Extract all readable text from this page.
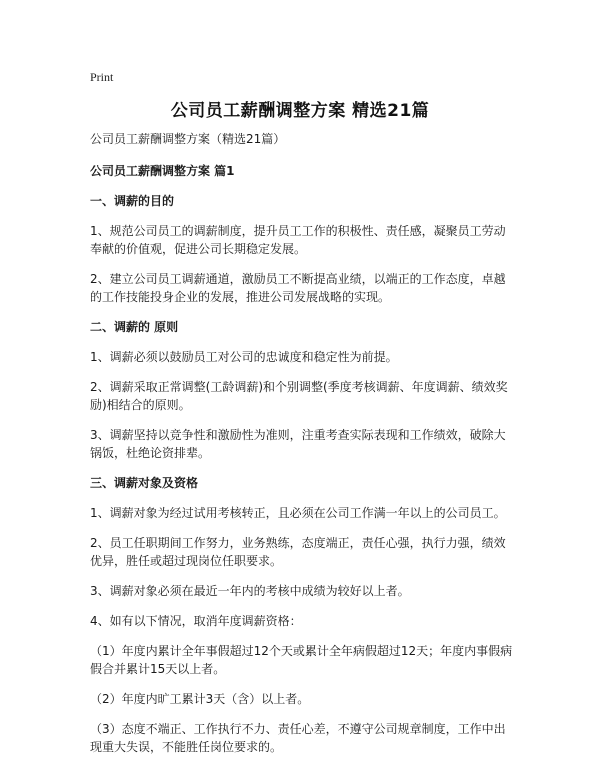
Print
公司员工薪酬调整方案 精选21篇

公司员工薪酬调整方案（精选21篇）

公司员工薪酬调整方案 篇1

一、调薪的目的

1、规范公司员工的调薪制度，提升员工工作的积极性、责任感，凝聚员工劳动奉献的价值观，促进公司长期稳定发展。

2、建立公司员工调薪通道，激励员工不断提高业绩，以端正的工作态度，卓越的工作技能投身企业的发展，推进公司发展战略的实现。

二、调薪的 原则

1、调薪必须以鼓励员工对公司的忠诚度和稳定性为前提。

2、调薪采取正常调整(工龄调薪)和个别调整(季度考核调薪、年度调薪、绩效奖励)相结合的原则。

3、调薪坚持以竞争性和激励性为准则，注重考查实际表现和工作绩效，破除大锅饭，杜绝论资排辈。

三、调薪对象及资格

1、调薪对象为经过试用考核转正，且必须在公司工作满一年以上的公司员工。

2、员工任职期间工作努力，业务熟练，态度端正，责任心强，执行力强，绩效优异，胜任或超过现岗位任职要求。

3、调薪对象必须在最近一年内的考核中成绩为较好以上者。

4、如有以下情况，取消年度调薪资格：

（1）年度内累计全年事假超过12个天或累计全年病假超过12天；年度内事假病假合并累计15天以上者。

（2）年度内旷工累计3天（含）以上者。

（3）态度不端正、工作执行不力、责任心差，不遵守公司规章制度，工作中出现重大失误，不能胜任岗位要求的。
